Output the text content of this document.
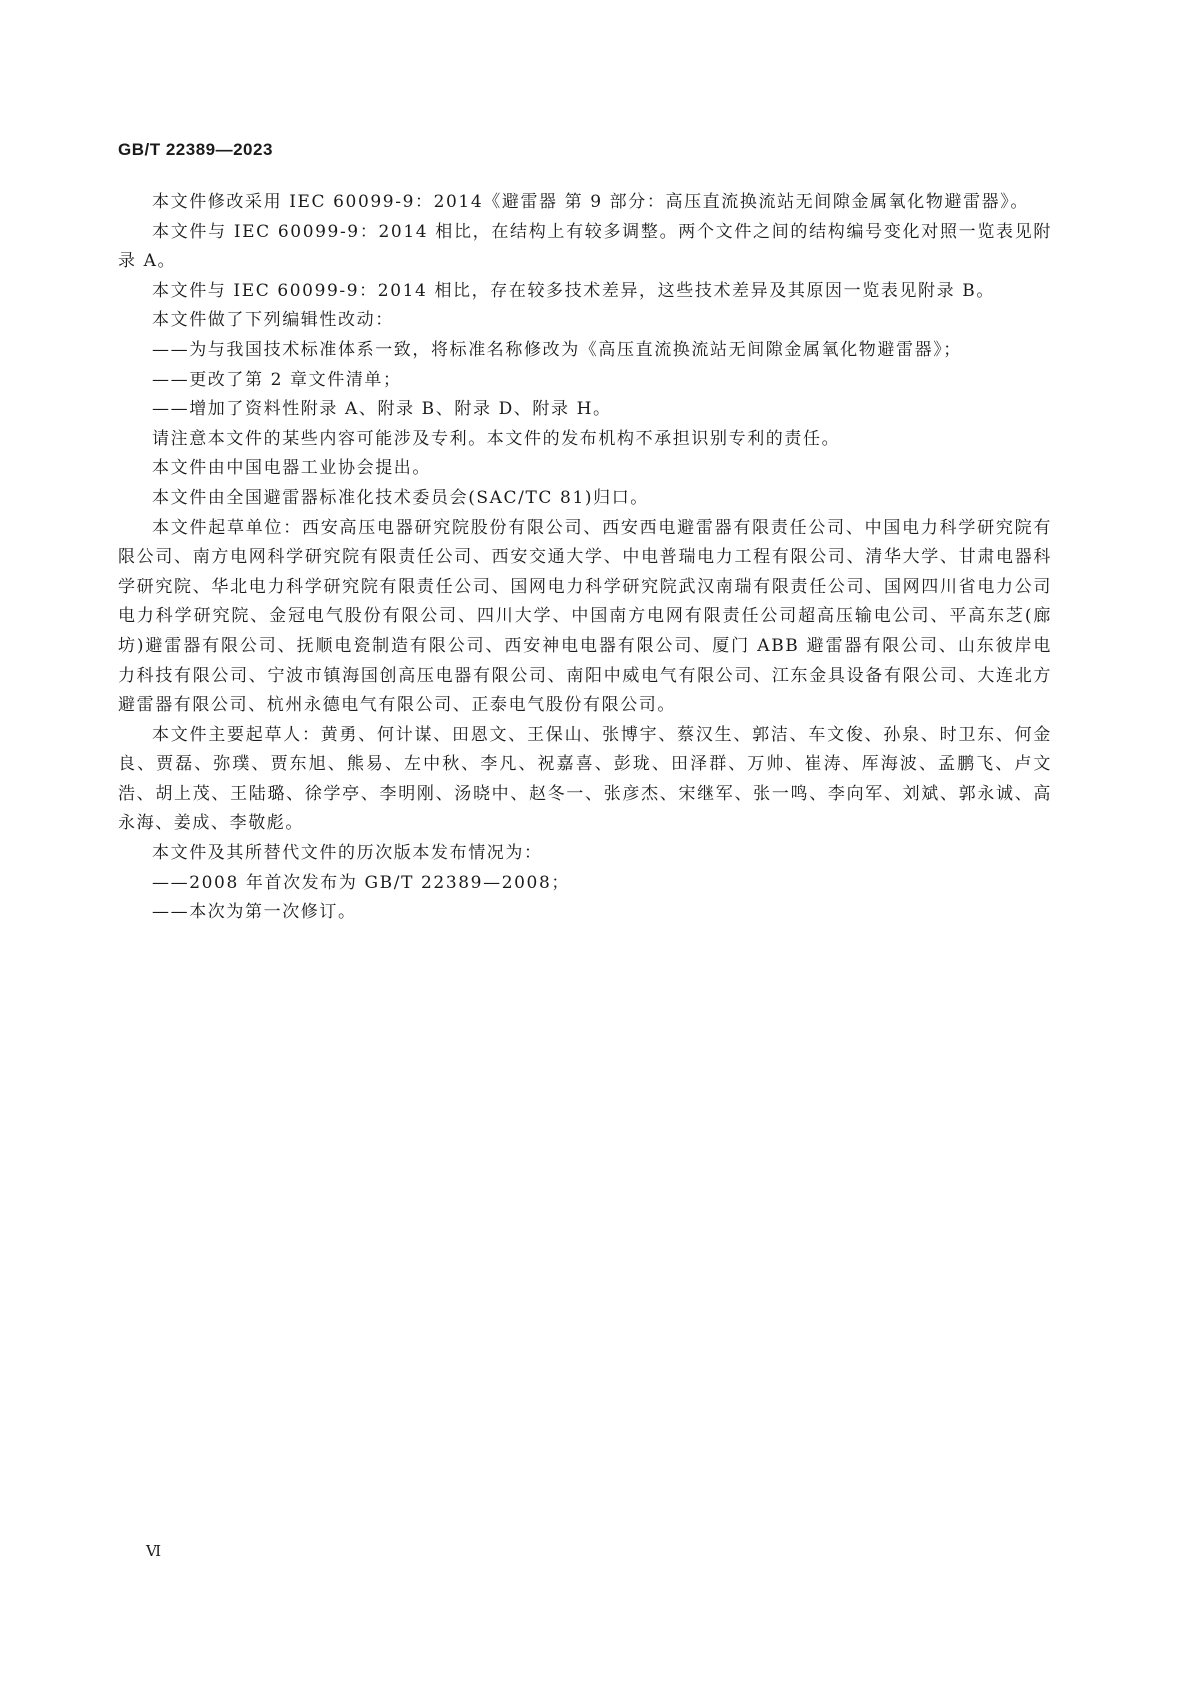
GB/T 22389—2023

本文件修改采用 IEC 60099-9：2014《避雷器 第 9 部分：高压直流换流站无间隙金属氧化物避雷器》。

本文件与 IEC 60099-9：2014 相比，在结构上有较多调整。两个文件之间的结构编号变化对照一览表见附录 A。

本文件与 IEC 60099-9：2014 相比，存在较多技术差异，这些技术差异及其原因一览表见附录 B。

本文件做了下列编辑性改动：

——为与我国技术标准体系一致，将标准名称修改为《高压直流换流站无间隙金属氧化物避雷器》；

——更改了第 2 章文件清单；

——增加了资料性附录 A、附录 B、附录 D、附录 H。

请注意本文件的某些内容可能涉及专利。本文件的发布机构不承担识别专利的责任。

本文件由中国电器工业协会提出。

本文件由全国避雷器标准化技术委员会(SAC/TC 81)归口。

本文件起草单位：西安高压电器研究院股份有限公司、西安西电避雷器有限责任公司、中国电力科学研究院有限公司、南方电网科学研究院有限责任公司、西安交通大学、中电普瑞电力工程有限公司、清华大学、甘肃电器科学研究院、华北电力科学研究院有限责任公司、国网电力科学研究院武汉南瑞有限责任公司、国网四川省电力公司电力科学研究院、金冠电气股份有限公司、四川大学、中国南方电网有限责任公司超高压输电公司、平高东芝(廊坊)避雷器有限公司、抚顺电瓷制造有限公司、西安神电电器有限公司、厦门 ABB 避雷器有限公司、山东彼岸电力科技有限公司、宁波市镇海国创高压电器有限公司、南阳中威电气有限公司、江东金具设备有限公司、大连北方避雷器有限公司、杭州永德电气有限公司、正泰电气股份有限公司。

本文件主要起草人：黄勇、何计谋、田恩文、王保山、张博宇、蔡汉生、郭洁、车文俊、孙泉、时卫东、何金良、贾磊、弥璞、贾东旭、熊易、左中秋、李凡、祝嘉喜、彭珑、田泽群、万帅、崔涛、厍海波、孟鹏飞、卢文浩、胡上茂、王陆璐、徐学亭、李明刚、汤晓中、赵冬一、张彦杰、宋继军、张一鸣、李向军、刘斌、郭永诚、高永海、姜成、李敬彪。

本文件及其所替代文件的历次版本发布情况为：

——2008 年首次发布为 GB/T 22389—2008；

——本次为第一次修订。

Ⅵ
